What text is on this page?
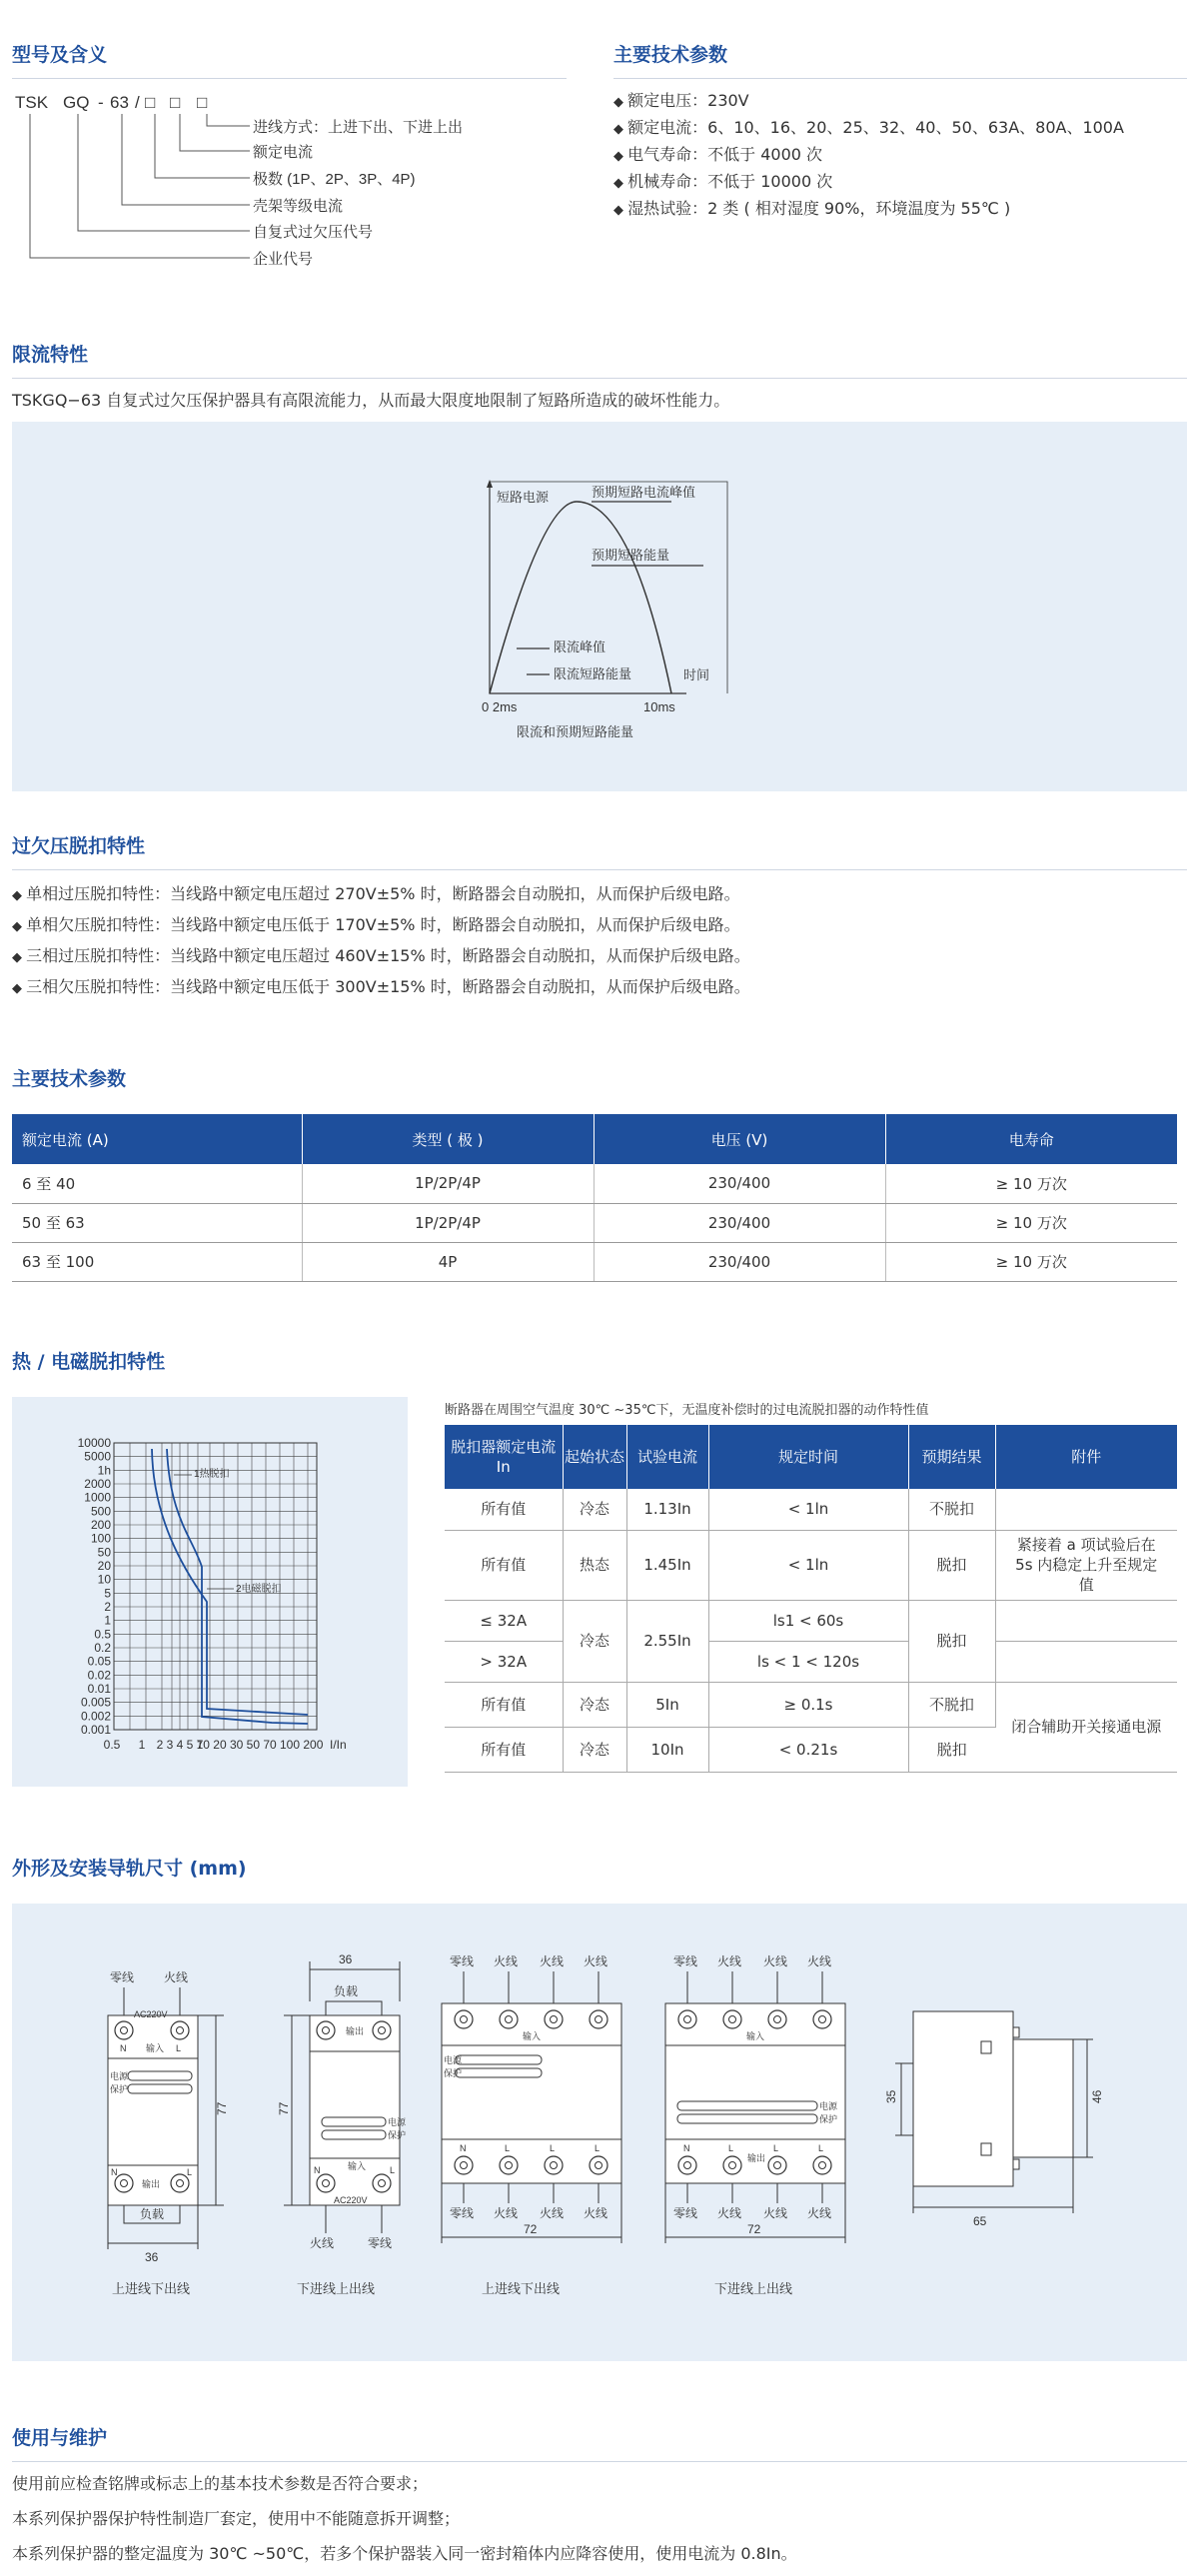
型号及含义
TSK GQ - 63 / □ □ □
进线方式：上进下出、下进上出
额定电流
极数 (1P、2P、3P、4P)
壳架等级电流
自复式过欠压代号
企业代号
主要技术参数
◆ 额定电压：230V
◆ 额定电流：6、10、16、20、25、32、40、50、63A、80A、100A
◆ 电气寿命：不低于 4000 次
◆ 机械寿命：不低于 10000 次
◆ 湿热试验：2 类 ( 相对湿度 90%，环境温度为 55℃ )
限流特性
TSKGQ−63 自复式过欠压保护器具有高限流能力，从而最大限度地限制了短路所造成的破坏性能力。
短路电源	预期短路电流峰值
预期短路能量
限流峰值
限流短路能量	时间
0 2ms	10ms
限流和预期短路能量
过欠压脱扣特性
◆ 单相过压脱扣特性：当线路中额定电压超过 270V±5% 时，断路器会自动脱扣，从而保护后级电路。
◆ 单相欠压脱扣特性：当线路中额定电压低于 170V±5% 时，断路器会自动脱扣，从而保护后级电路。
◆ 三相过压脱扣特性：当线路中额定电压超过 460V±15% 时，断路器会自动脱扣，从而保护后级电路。
◆ 三相欠压脱扣特性：当线路中额定电压低于 300V±15% 时，断路器会自动脱扣，从而保护后级电路。
主要技术参数
额定电流 (A)	类型 ( 极 )	电压 (V)	电寿命
6 至 40	1P/2P/4P	230/400	≥ 10 万次
50 至 63	1P/2P/4P	230/400	≥ 10 万次
63 至 100	4P	230/400	≥ 10 万次
热 / 电磁脱扣特性
10000
5000
1h
2000
1000
500
200
100
50
20
10
5
2
1
0.5
0.2
0.05
0.02
0.01
0.005
0.002
0.001
0.5 1 2 3 4 5 7
10 20 30 50 70 100 200 I/In
1热脱扣
2电磁脱扣
断路器在周围空气温度 30℃ ~35℃下，无温度补偿时的过电流脱扣器的动作特性值
脱扣器额定电流 In	起始状态	试验电流	规定时间	预期结果	附件
所有值	冷态	1.13In	< 1ln	不脱扣	
所有值	热态	1.45In	< 1ln	脱扣	紧接着 a 项试验后在 5s 内稳定上升至规定值
≤ 32A	冷态	2.55In	ls1 < 60s	脱扣	
> 32A			ls < 1 < 120s		
所有值	冷态	5In	≥ 0.1s	不脱扣	闭合辅助开关接通电源
所有值	冷态	10In	< 0.21s	脱扣	
外形及安装导轨尺寸 (mm)
零线 火线
AC220V
N	L
输入
电源
保护
N	L
输出
负载
36
77
上进线下出线
36
负载
输出
电源
保护
输入
N	L
AC220V
77
火线	零线
下进线上出线
零线 火线 火线 火线
输入
电源
保护
N	L	L	L
零线 火线 火线 火线
72
上进线下出线
零线 火线 火线 火线
输入
电源
保护
N	L
输出
L	L
零线 火线 火线 火线
72
下进线上出线
35	46
65
使用与维护
使用前应检查铭牌或标志上的基本技术参数是否符合要求；
本系列保护器保护特性制造厂套定，使用中不能随意拆开调整；
本系列保护器的整定温度为 30℃ ~50℃，若多个保护器装入同一密封箱体内应降容使用，使用电流为 0.8In。
